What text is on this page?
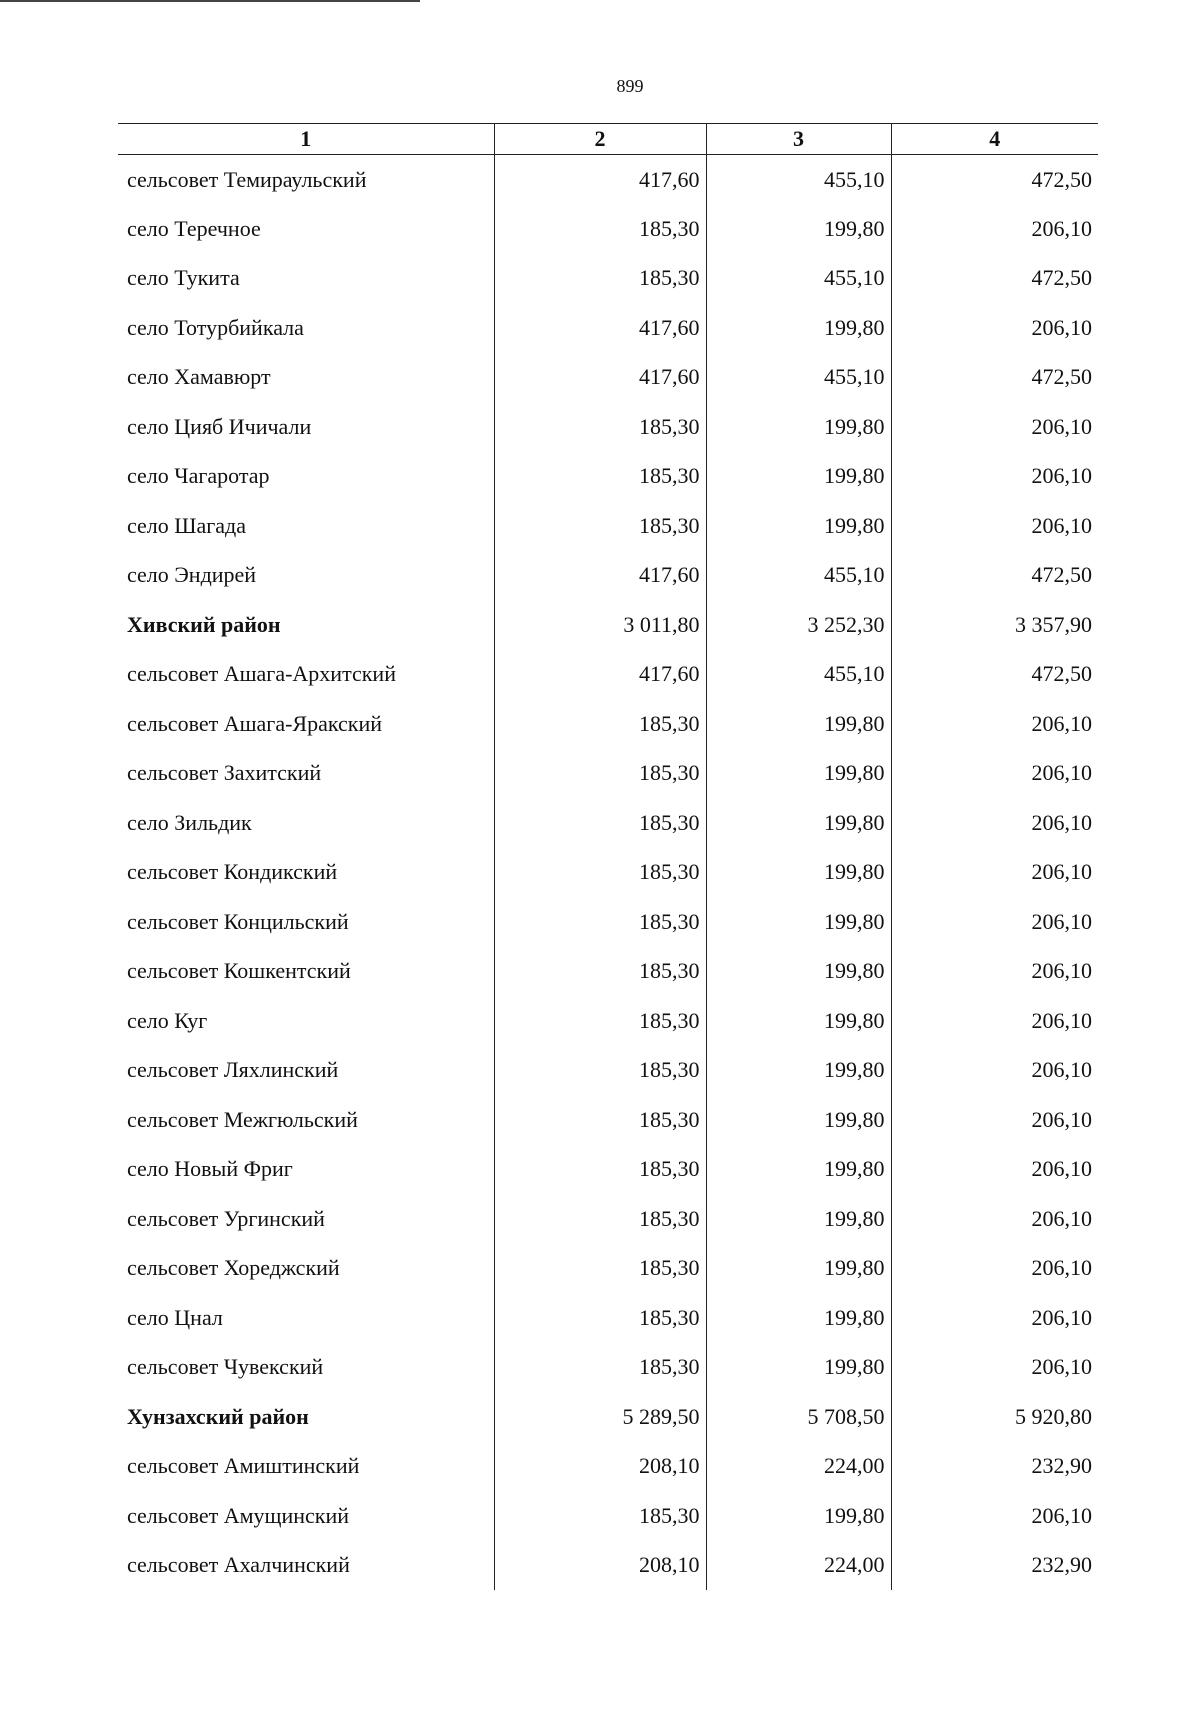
899
1	2	3	4
сельсовет Темираульский	417,60	455,10	472,50
село Теречное	185,30	199,80	206,10
село Тукита	185,30	455,10	472,50
село Тотурбийкала	417,60	199,80	206,10
село Хамавюрт	417,60	455,10	472,50
село Цияб Ичичали	185,30	199,80	206,10
село Чагаротар	185,30	199,80	206,10
село Шагада	185,30	199,80	206,10
село Эндирей	417,60	455,10	472,50
Хивский район	3 011,80	3 252,30	3 357,90
сельсовет Ашага-Архитский	417,60	455,10	472,50
сельсовет Ашага-Яракский	185,30	199,80	206,10
сельсовет Захитский	185,30	199,80	206,10
село Зильдик	185,30	199,80	206,10
сельсовет Кондикский	185,30	199,80	206,10
сельсовет Концильский	185,30	199,80	206,10
сельсовет Кошкентский	185,30	199,80	206,10
село Куг	185,30	199,80	206,10
сельсовет Ляхлинский	185,30	199,80	206,10
сельсовет Межгюльский	185,30	199,80	206,10
село Новый Фриг	185,30	199,80	206,10
сельсовет Ургинский	185,30	199,80	206,10
сельсовет Хореджский	185,30	199,80	206,10
село Цнал	185,30	199,80	206,10
сельсовет Чувекский	185,30	199,80	206,10
Хунзахский район	5 289,50	5 708,50	5 920,80
сельсовет Амиштинский	208,10	224,00	232,90
сельсовет Амущинский	185,30	199,80	206,10
сельсовет Ахалчинский	208,10	224,00	232,90
